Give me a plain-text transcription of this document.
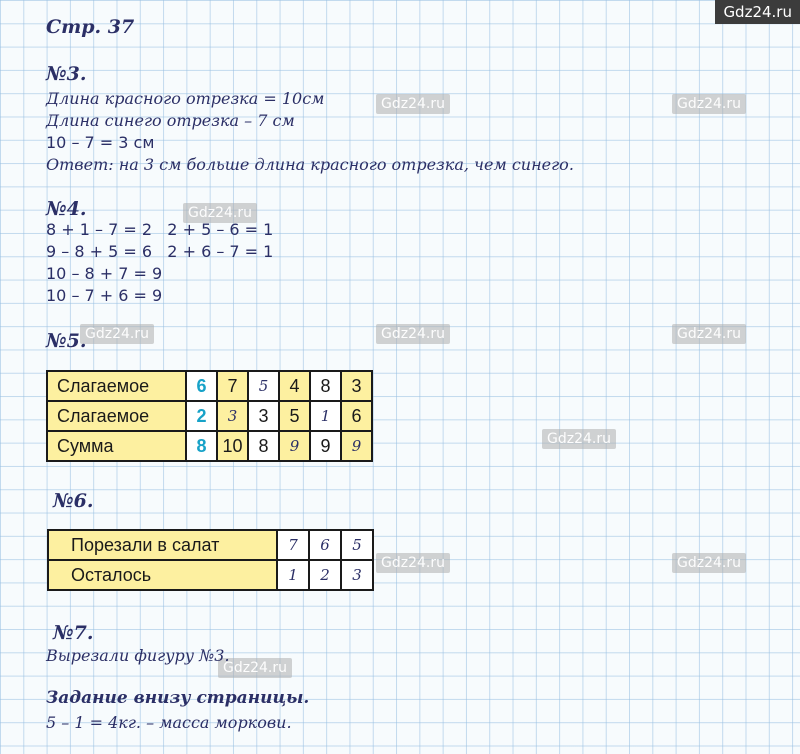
Gdz24.ru
Gdz24.ru	Gdz24.ru
Gdz24.ru
Gdz24.ru	Gdz24.ru	Gdz24.ru
Gdz24.ru
Gdz24.ru	Gdz24.ru
Gdz24.ru
Стр. 37
№3.
Длина красного отрезка = 10см
Длина синего отрезка – 7 см
10 – 7 = 3 см
Ответ: на 3 см больше длина красного отрезка, чем синего.
№4.
8 + 1 – 7 = 2   2 + 5 – 6 = 1
9 – 8 + 5 = 6   2 + 6 – 7 = 1
10 – 8 + 7 = 9
10 – 7 + 6 = 9
№5.
Слагаемое	6	7	5	4	8	3
Слагаемое	2	3	3	5	1	6
Сумма	8	10	8	9	9	9
№6.
Порезали в салат	7	6	5
Осталось	1	2	3
№7.
Вырезали фигуру №3.
Задание внизу страницы.
5 – 1 = 4кг. – масса моркови.
